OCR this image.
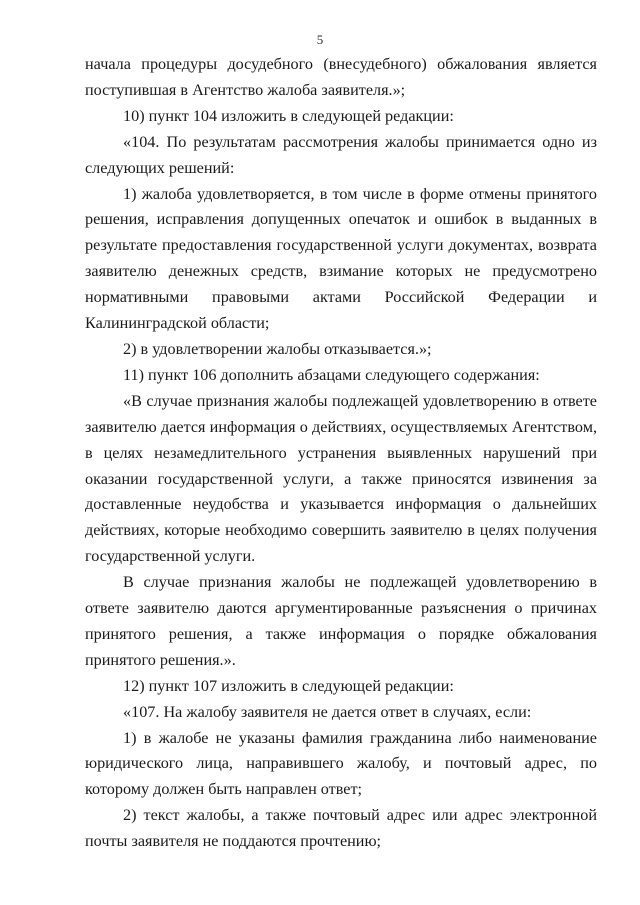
5

начала процедуры досудебного (внесудебного) обжалования является поступившая в Агентство жалоба заявителя.»;

10) пункт 104 изложить в следующей редакции:

«104. По результатам рассмотрения жалобы принимается одно из следующих решений:

1) жалоба удовлетворяется, в том числе в форме отмены принятого решения, исправления допущенных опечаток и ошибок в выданных в результате предоставления государственной услуги документах, возврата заявителю денежных средств, взимание которых не предусмотрено нормативными правовыми актами Российской Федерации и Калининградской области;

2) в удовлетворении жалобы отказывается.»;

11) пункт 106 дополнить абзацами следующего содержания:

«В случае признания жалобы подлежащей удовлетворению в ответе заявителю дается информация о действиях, осуществляемых Агентством, в целях незамедлительного устранения выявленных нарушений при оказании государственной услуги, а также приносятся извинения за доставленные неудобства и указывается информация о дальнейших действиях, которые необходимо совершить заявителю в целях получения государственной услуги.

В случае признания жалобы не подлежащей удовлетворению в ответе заявителю даются аргументированные разъяснения о причинах принятого решения, а также информация о порядке обжалования принятого решения.».

12) пункт 107 изложить в следующей редакции:

«107. На жалобу заявителя не дается ответ в случаях, если:

1) в жалобе не указаны фамилия гражданина либо наименование юридического лица, направившего жалобу, и почтовый адрес, по которому должен быть направлен ответ;

2) текст жалобы, а также почтовый адрес или адрес электронной почты заявителя не поддаются прочтению;
